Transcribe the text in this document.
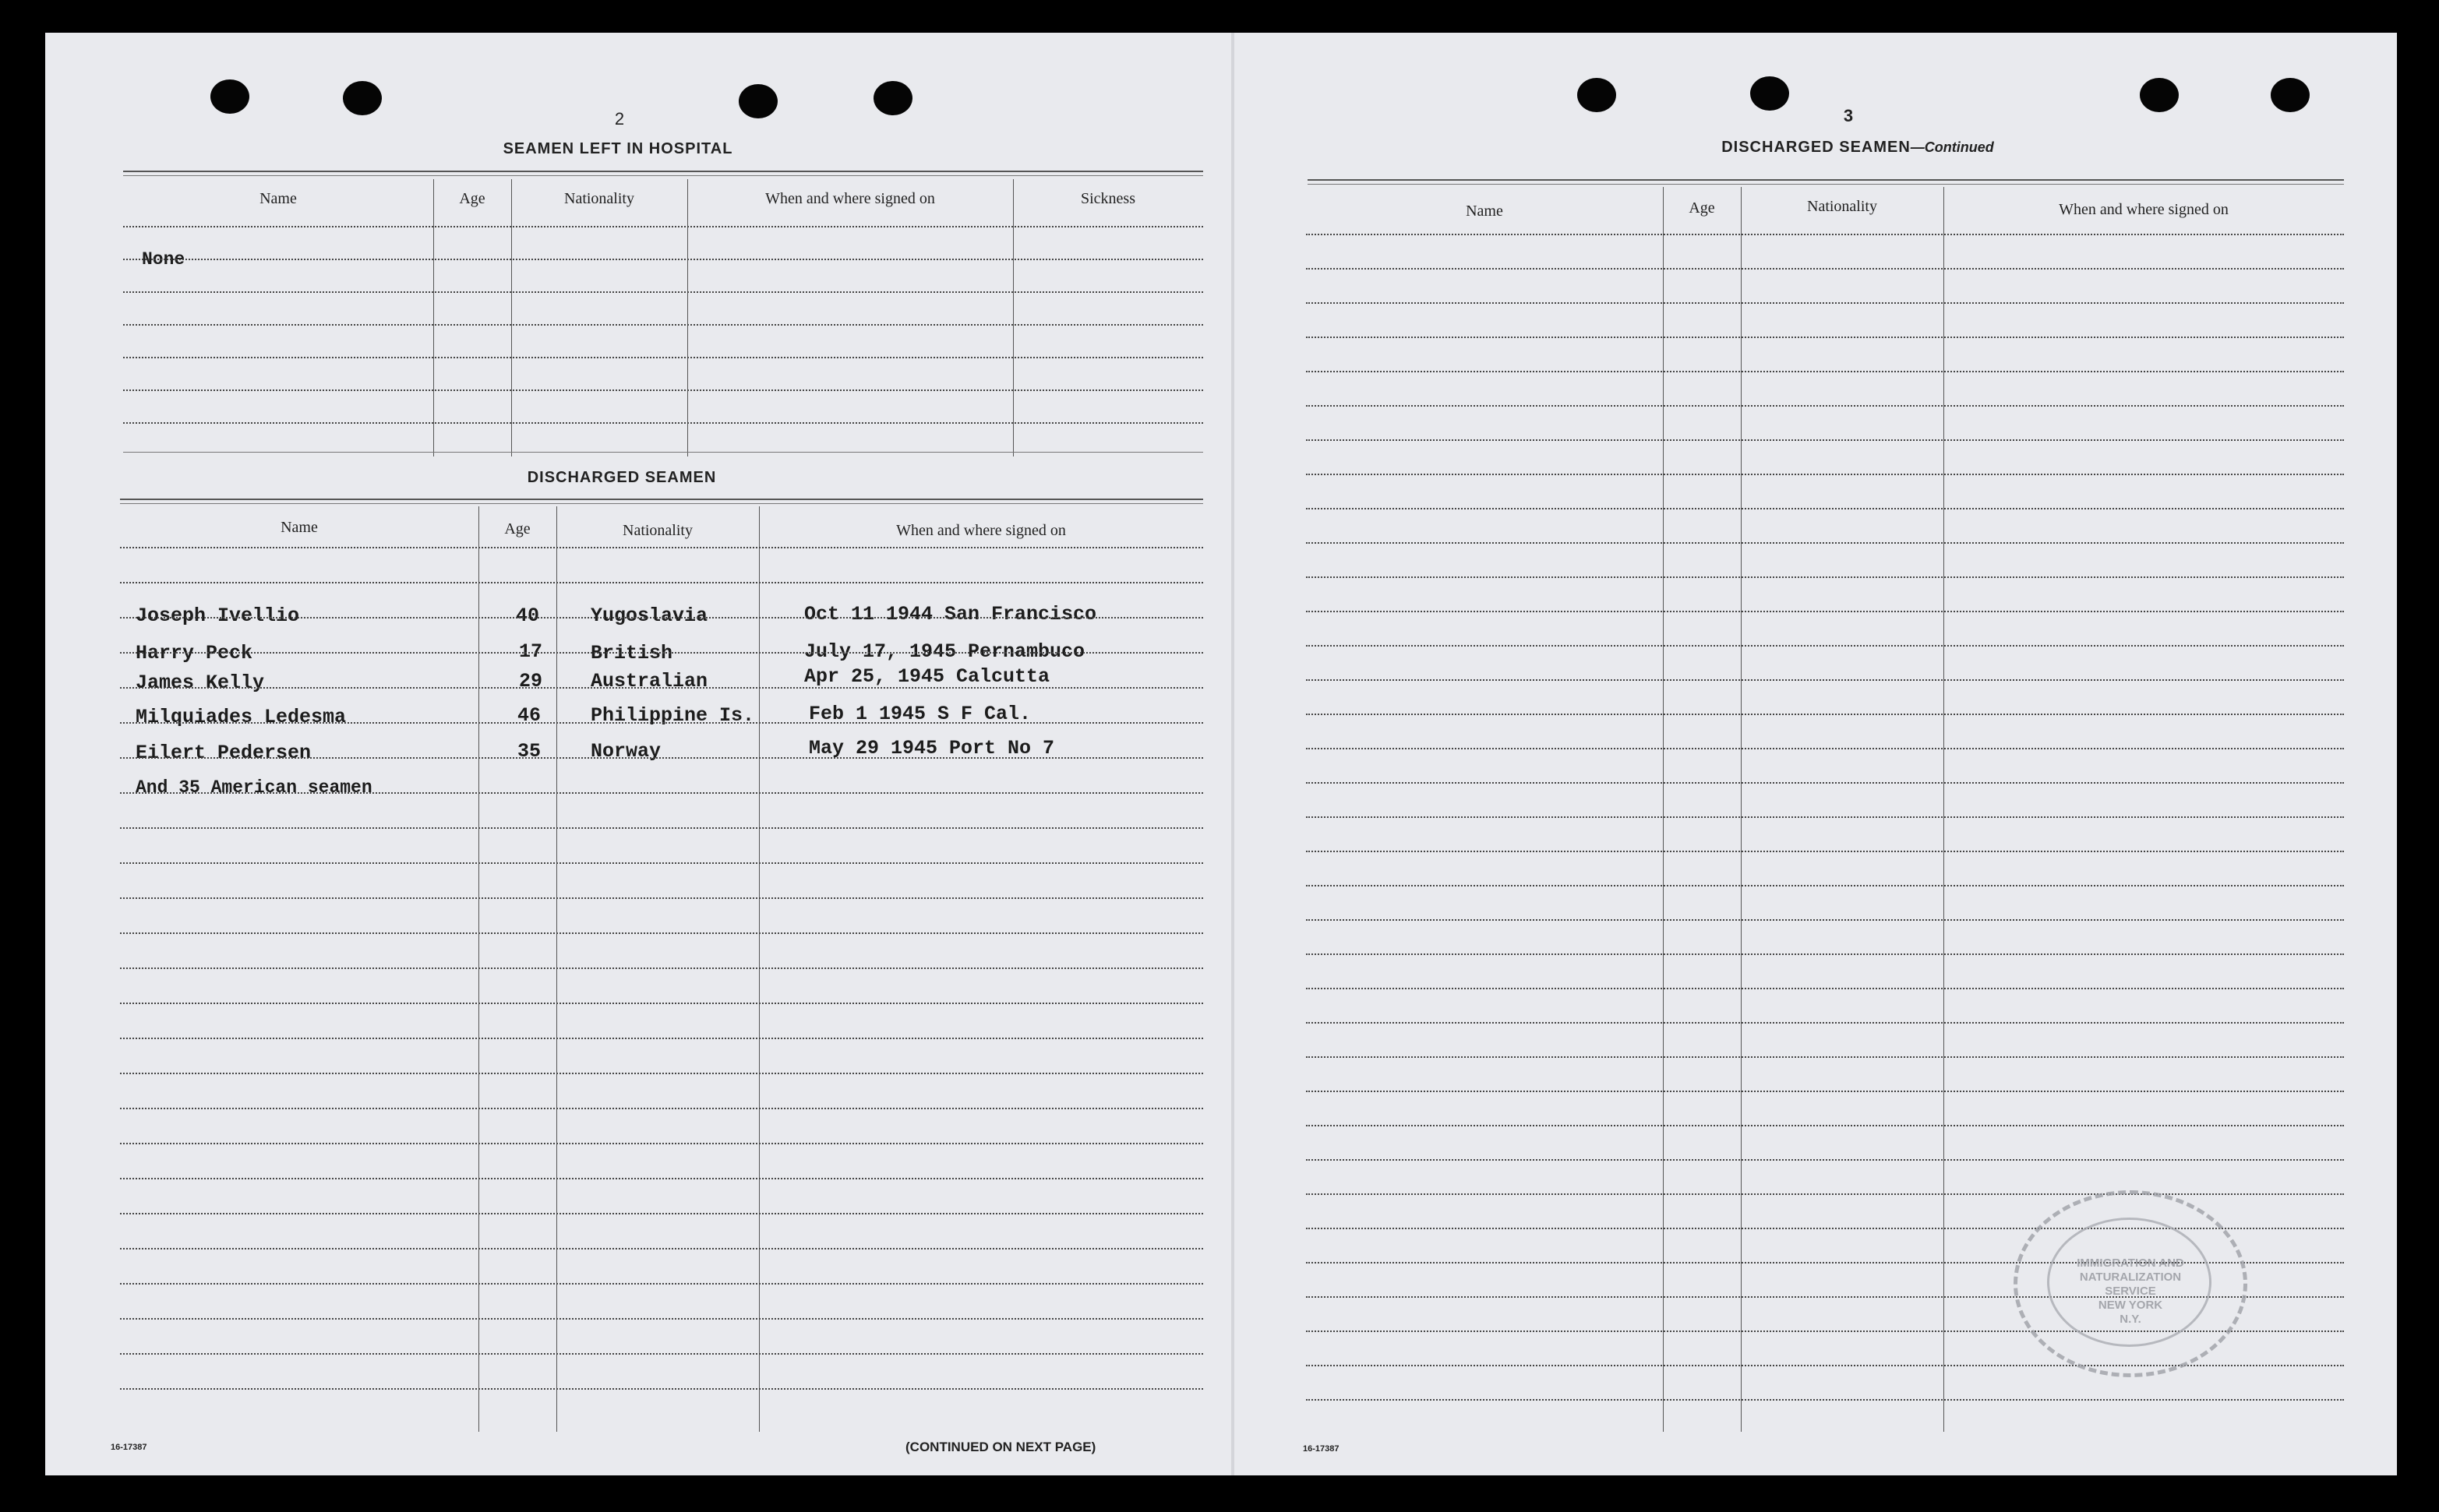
2
SEAMEN LEFT IN HOSPITAL
Name	Age	Nationality	When and where signed on	Sickness
None
DISCHARGED SEAMEN
Name	Age	Nationality	When and where signed on
Joseph Ivellio	40	Yugoslavia	Oct 11 1944 San Francisco
Harry Peck	17 British	July 17, 1945 Pernambuco
James Kelly	29 Australian	Apr 25, 1945 Calcutta
Milquiades Ledesma	46	Philippine Is.	Feb 1 1945 S F Cal.
Eilert Pedersen	35	Norway	May 29 1945 Port No 7
And 35 American seamen
16-17387	(CONTINUED ON NEXT PAGE)
3
DISCHARGED SEAMEN—Continued
Name	Age	Nationality	When and where signed on
16-17387
IMMIGRATION AND
NATURALIZATION
SERVICE
NEW YORK
N.Y.
